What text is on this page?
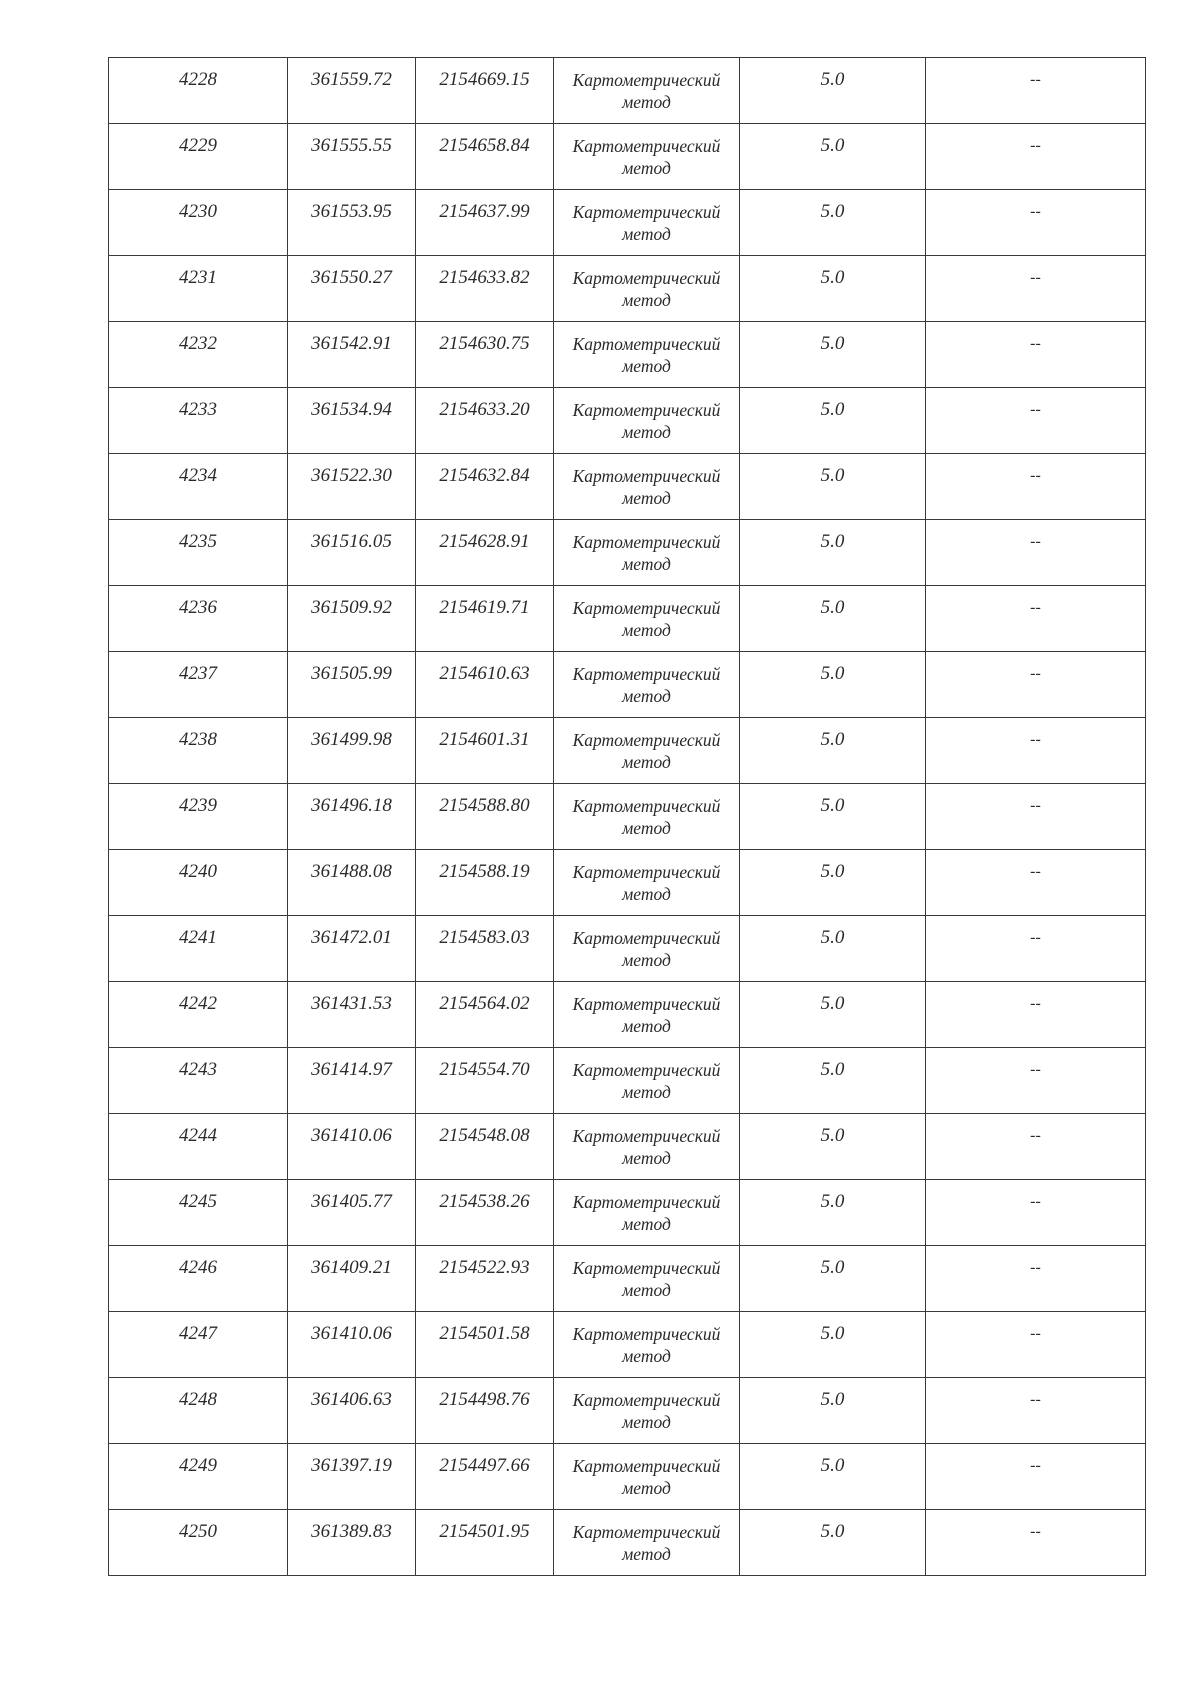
4228	361559.72	2154669.15	Картометрический метод	5.0	--
4229	361555.55	2154658.84	Картометрический метод	5.0	--
4230	361553.95	2154637.99	Картометрический метод	5.0	--
4231	361550.27	2154633.82	Картометрический метод	5.0	--
4232	361542.91	2154630.75	Картометрический метод	5.0	--
4233	361534.94	2154633.20	Картометрический метод	5.0	--
4234	361522.30	2154632.84	Картометрический метод	5.0	--
4235	361516.05	2154628.91	Картометрический метод	5.0	--
4236	361509.92	2154619.71	Картометрический метод	5.0	--
4237	361505.99	2154610.63	Картометрический метод	5.0	--
4238	361499.98	2154601.31	Картометрический метод	5.0	--
4239	361496.18	2154588.80	Картометрический метод	5.0	--
4240	361488.08	2154588.19	Картометрический метод	5.0	--
4241	361472.01	2154583.03	Картометрический метод	5.0	--
4242	361431.53	2154564.02	Картометрический метод	5.0	--
4243	361414.97	2154554.70	Картометрический метод	5.0	--
4244	361410.06	2154548.08	Картометрический метод	5.0	--
4245	361405.77	2154538.26	Картометрический метод	5.0	--
4246	361409.21	2154522.93	Картометрический метод	5.0	--
4247	361410.06	2154501.58	Картометрический метод	5.0	--
4248	361406.63	2154498.76	Картометрический метод	5.0	--
4249	361397.19	2154497.66	Картометрический метод	5.0	--
4250	361389.83	2154501.95	Картометрический метод	5.0	--
